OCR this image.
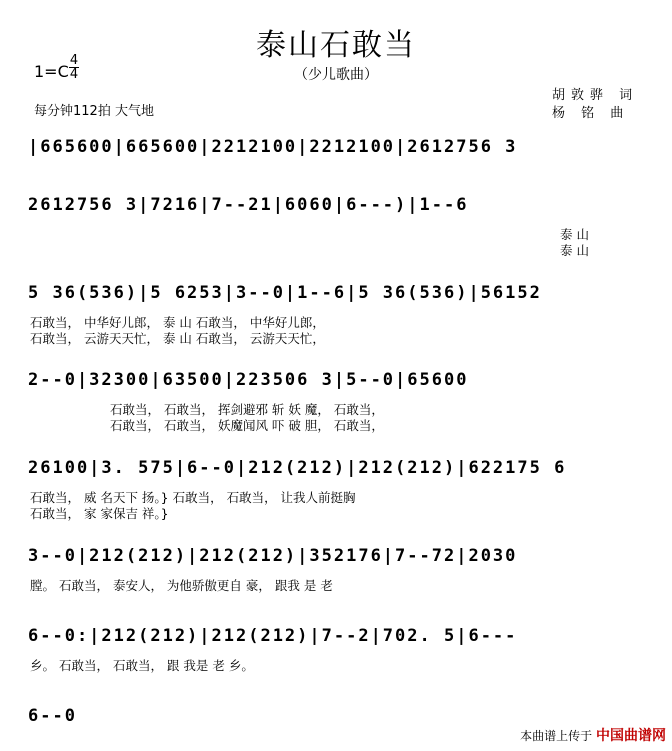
泰山石敢当
（少儿歌曲）
1=C
4
4
每分钟112拍 大气地
胡敦骅 词
杨 铭 曲
|665600|665600|2212100|2212100|2612756 3
2612756 3|7216|7--21|6060|6---)|1--6
泰 山
泰 山
5 36(536)|5 6253|3--0|1--6|5 36(536)|56152
石敢当， 中华好儿郎， 泰 山 石敢当， 中华好儿郎，
石敢当， 云游天天忙， 泰 山 石敢当， 云游天天忙，
2--0|32300|63500|223506 3|5--0|65600
石敢当， 石敢当， 挥剑避邪 斩 妖 魔， 石敢当，
石敢当， 石敢当， 妖魔闻风 吓 破 胆， 石敢当，
26100|3. 575|6--0|212(212)|212(212)|622175 6
石敢当， 威 名天下 扬。} 石敢当， 石敢当， 让我人前挺胸
石敢当， 家 家保吉 祥。}
3--0|212(212)|212(212)|352176|7--72|2030
膛。 石敢当， 泰安人， 为他骄傲更自 豪， 跟我 是 老
6--0:|212(212)|212(212)|7--2|702. 5|6---
乡。 石敢当， 石敢当， 跟 我是 老 乡。
6--0
本曲谱上传于 中国曲谱网
